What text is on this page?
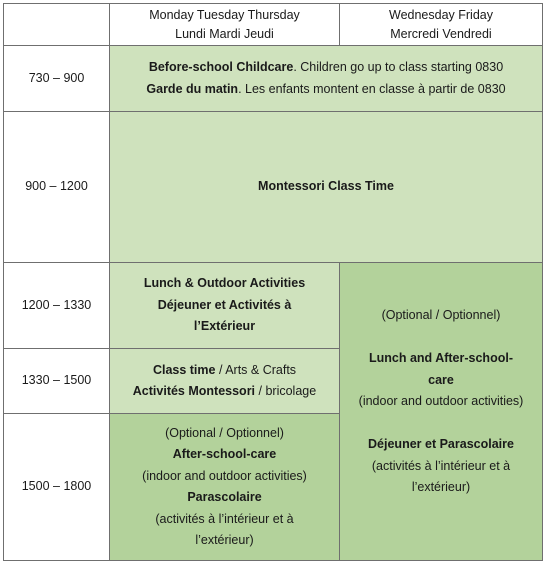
Monday Tuesday Thursday
Lundi Mardi Jeudi
Wednesday Friday
Mercredi Vendredi
730 – 900
900 – 1200
1200 – 1330
1330 – 1500
1500 – 1800
Before-school Childcare. Children go up to class starting 0830
Garde du matin. Les enfants montent en classe à partir de 0830
Montessori Class Time
Lunch & Outdoor Activities
Déjeuner et Activités à
l’Extérieur
Class time / Arts & Crafts
Activités Montessori / bricolage
(Optional / Optionnel)
After-school-care
(indoor and outdoor activities)
Parascolaire
(activités à l’intérieur et à
l’extérieur)
(Optional / Optionnel)
Lunch and After-school-
care
(indoor and outdoor activities)
Déjeuner et Parascolaire
(activités à l’intérieur et à
l’extérieur)
